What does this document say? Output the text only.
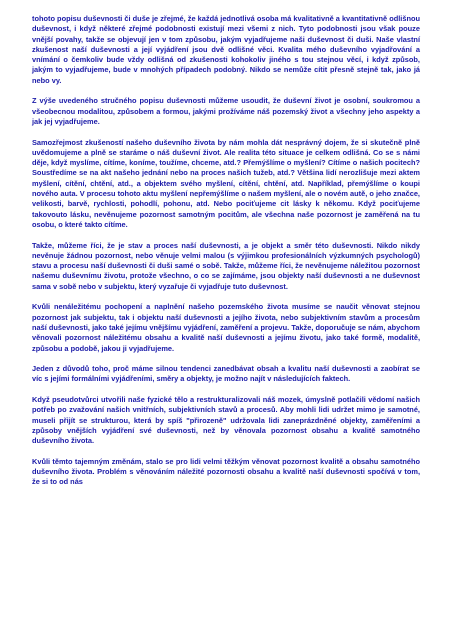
tohoto popisu duševnosti či duše je zřejmé, že každá jednotlivá osoba má kvalitativně a kvantitativně odlišnou duševnost, i když některé zřejmé podobnosti existují mezi všemi z nich. Tyto podobnosti jsou však pouze vnější povahy, takže se objevují jen v tom způsobu, jakým vyjadřujeme naši duševnost či duši. Naše vlastní zkušenost naší duševnosti a její vyjádření jsou dvě odlišné věci. Kvalita mého duševního vyjadřování a vnímání o čemkoliv bude vždy odlišná od zkušenosti kohokoliv jiného s tou stejnou věcí, i když způsob, jakým to vyjadřujeme, bude v mnohých případech podobný. Nikdo se nemůže cítit přesně stejně tak, jako já nebo vy.

Z výše uvedeného stručného popisu duševnosti můžeme usoudit, že duševní život je osobní, soukromou a všeobecnou modalitou, způsobem a formou, jakými prožíváme náš pozemský život a všechny jeho aspekty a jak jej vyjadřujeme.

Samozřejmost zkušeností našeho duševního života by nám mohla dát nesprávný dojem, že si skutečně plně uvědomujeme a plně se staráme o náš duševní život. Ale realita této situace je celkem odlišná. Co se s námi děje, když myslíme, cítíme, koníme, toužíme, chceme, atd.? Přemýšlíme o myšlení? Cítíme o našich pocitech? Soustředíme se na akt našeho jednání nebo na proces našich tužeb, atd.? Většina lidí nerozlišuje mezi aktem myšlení, cítění, chtění, atd., a objektem svého myšlení, cítění, chtění, atd. Například, přemýšlíme o koupi nového auta. V procesu tohoto aktu myšlení nepřemýšlíme o našem myšlení, ale o novém autě, o jeho značce, velikosti, barvě, rychlosti, pohodlí, pohonu, atd. Nebo pociťujeme cit lásky k někomu. Když pociťujeme takovouto lásku, nevěnujeme pozornost samotným pocitům, ale všechna naše pozornost je zaměřená na tu osobu, o které takto cítíme.

Takže, můžeme říci, že je stav a proces naší duševnosti, a je objekt a směr této duševnosti. Nikdo nikdy nevěnuje žádnou pozornost, nebo věnuje velmi malou (s výjimkou profesionálních výzkumných psychologů) stavu a procesu naší duševnosti či duši samé o sobě. Takže, můžeme říci, že nevěnujeme náležitou pozornost našemu duševnímu životu, protože všechno, o co se zajímáme, jsou objekty naší duševnosti a ne duševnost sama v sobě nebo v subjektu, který vyzařuje či vyjadřuje tuto duševnost.

Kvůli nenáležitému pochopení a naplnění našeho pozemského života musíme se naučit věnovat stejnou pozornost jak subjektu, tak i objektu naší duševnosti a jejího života, nebo subjektivním stavům a procesům naší duševnosti, jako také jejímu vnějšímu vyjádření, zaměření a projevu. Takže, doporučuje se nám, abychom věnovali pozornost náležitému obsahu a kvalitě naší duševnosti a jejímu životu, jako také formě, modalitě, způsobu a podobě, jakou ji vyjadřujeme.

Jeden z důvodů toho, proč máme silnou tendenci zanedbávat obsah a kvalitu naší duševnosti a zaobírat se víc s jejími formálními vyjádřeními, směry a objekty, je možno najít v následujících faktech.

Když pseudotvůrci utvořili naše fyzické tělo a restrukturalizovali náš mozek, úmyslně potlačili vědomí našich potřeb po zvažování našich vnitřních, subjektivních stavů a procesů. Aby mohli lidi udržet mimo je samotné, museli přijít se strukturou, která by spíš "přirozeně" udržovala lidi zaneprázdněné objekty, zaměřeními a způsoby vnějších vyjádření své duševnosti, než by věnovala pozornost obsahu a kvalitě samotného duševního života.

Kvůli těmto tajemným změnám, stalo se pro lidi velmi těžkým věnovat pozornost kvalitě a obsahu samotného duševního života. Problém s věnováním náležité pozornosti obsahu a kvalitě naší duševnosti spočívá v tom, že si to od nás
